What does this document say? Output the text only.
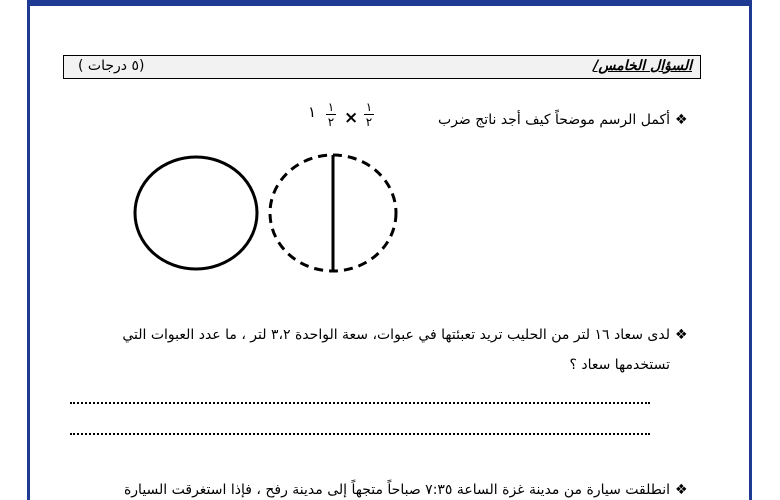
السؤال الخامس/
(٥ درجات )
❖
أكمل الرسم موضحاً كيف أجد ناتج ضرب
١
٢
×
١
٢
١
❖
لدى سعاد ١٦ لتر من الحليب تريد تعبئتها في عبوات، سعة الواحدة ٣،٢ لتر ، ما عدد العبوات التي
تستخدمها سعاد ؟
❖
انطلقت سيارة من مدينة غزة الساعة ٧:٣٥ صباحاً متجهاً إلى مدينة رفح ، فإذا استغرقت السيارة
